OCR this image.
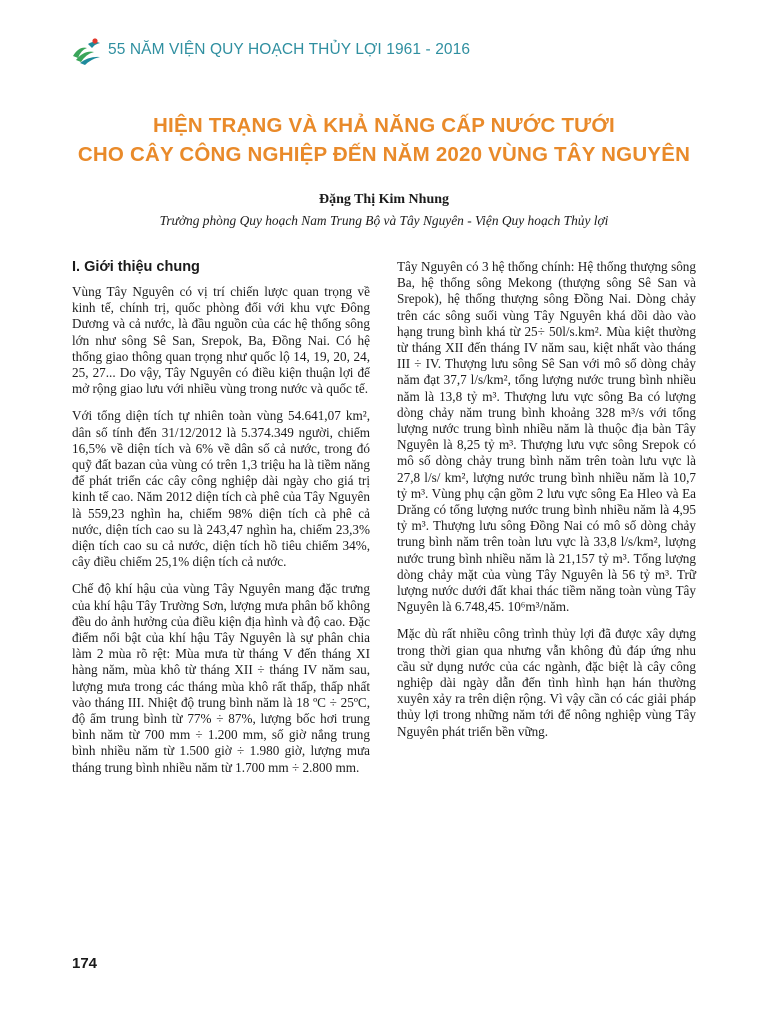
55 NĂM VIỆN QUY HOẠCH THỦY LỢI 1961 - 2016
HIỆN TRẠNG VÀ KHẢ NĂNG CẤP NƯỚC TƯỚI
CHO CÂY CÔNG NGHIỆP ĐẾN NĂM 2020 VÙNG TÂY NGUYÊN
Đặng Thị Kim Nhung
Trưởng phòng Quy hoạch Nam Trung Bộ và Tây Nguyên - Viện Quy hoạch Thủy lợi
I. Giới thiệu chung

Vùng Tây Nguyên có vị trí chiến lược quan trọng về kinh tế, chính trị, quốc phòng đối với khu vực Đông Dương và cả nước, là đầu nguồn của các hệ thống sông lớn như sông Sê San, Srepok, Ba, Đồng Nai. Có hệ thống giao thông quan trọng như quốc lộ 14, 19, 20, 24, 25, 27... Do vậy, Tây Nguyên có điều kiện thuận lợi để mở rộng giao lưu với nhiều vùng trong nước và quốc tế.

Với tổng diện tích tự nhiên toàn vùng 54.641,07 km², dân số tính đến 31/12/2012 là 5.374.349 người, chiếm 16,5% về diện tích và 6% về dân số cả nước, trong đó quỹ đất bazan của vùng có trên 1,3 triệu ha là tiềm năng để phát triển các cây công nghiệp dài ngày cho giá trị kinh tế cao. Năm 2012 diện tích cà phê của Tây Nguyên là 559,23 nghìn ha, chiếm 98% diện tích cà phê cả nước, diện tích cao su là 243,47 nghìn ha, chiếm 23,3% diện tích cao su cả nước, diện tích hồ tiêu chiếm 34%, cây điều chiếm 25,1% diện tích cả nước.

Chế độ khí hậu của vùng Tây Nguyên mang đặc trưng của khí hậu Tây Trường Sơn, lượng mưa phân bố không đều do ảnh hưởng của điều kiện địa hình và độ cao. Đặc điểm nổi bật của khí hậu Tây Nguyên là sự phân chia làm 2 mùa rõ rệt: Mùa mưa từ tháng V đến tháng XI hàng năm, mùa khô từ tháng XII ÷ tháng IV năm sau, lượng mưa trong các tháng mùa khô rất thấp, thấp nhất vào tháng III. Nhiệt độ trung bình năm là 18 ºC ÷ 25ºC, độ ẩm trung bình từ 77% ÷ 87%, lượng bốc hơi trung bình năm từ 700 mm ÷ 1.200 mm, số giờ nắng trung bình nhiều năm từ 1.500 giờ ÷ 1.980 giờ, lượng mưa tháng trung bình nhiều năm từ 1.700 mm ÷ 2.800 mm.

Tây Nguyên có 3 hệ thống chính: Hệ thống thượng sông Ba, hệ thống sông Mekong (thượng sông Sê San và Srepok), hệ thống thượng sông Đồng Nai. Dòng chảy trên các sông suối vùng Tây Nguyên khá dồi dào vào hạng trung bình khá từ 25÷ 50l/s.km². Mùa kiệt thường từ tháng XII đến tháng IV năm sau, kiệt nhất vào tháng III ÷ IV. Thượng lưu sông Sê San với mô số dòng chảy năm đạt 37,7 l/s/km², tổng lượng nước trung bình nhiều năm là 13,8 tỷ m³. Thượng lưu vực sông Ba có lượng dòng chảy năm trung bình khoảng 328 m³/s với tổng lượng nước trung bình nhiều năm là thuộc địa bàn Tây Nguyên là 8,25 tỷ m³. Thượng lưu vực sông Srepok có mô số dòng chảy trung bình năm trên toàn lưu vực là 27,8 l/s/ km², lượng nước trung bình nhiều năm là 10,7 tỷ m³. Vùng phụ cận gồm 2 lưu vực sông Ea Hleo và Ea Drăng có tổng lượng nước trung bình nhiều năm là 4,95 tỷ m³. Thượng lưu sông Đồng Nai có mô số dòng chảy trung bình năm trên toàn lưu vực là 33,8 l/s/km², lượng nước trung bình nhiều năm là 21,157 tỷ m³. Tổng lượng dòng chảy mặt của vùng Tây Nguyên là 56 tỷ m³. Trữ lượng nước dưới đất khai thác tiềm năng toàn vùng Tây Nguyên là 6.748,45. 10⁶m³/năm.

Mặc dù rất nhiều công trình thủy lợi đã được xây dựng trong thời gian qua nhưng vẫn không đủ đáp ứng nhu cầu sử dụng nước của các ngành, đặc biệt là cây công nghiệp dài ngày dẫn đến tình hình hạn hán thường xuyên xảy ra trên diện rộng. Vì vậy cần có các giải pháp thủy lợi trong những năm tới để nông nghiệp vùng Tây Nguyên phát triển bền vững.

174
